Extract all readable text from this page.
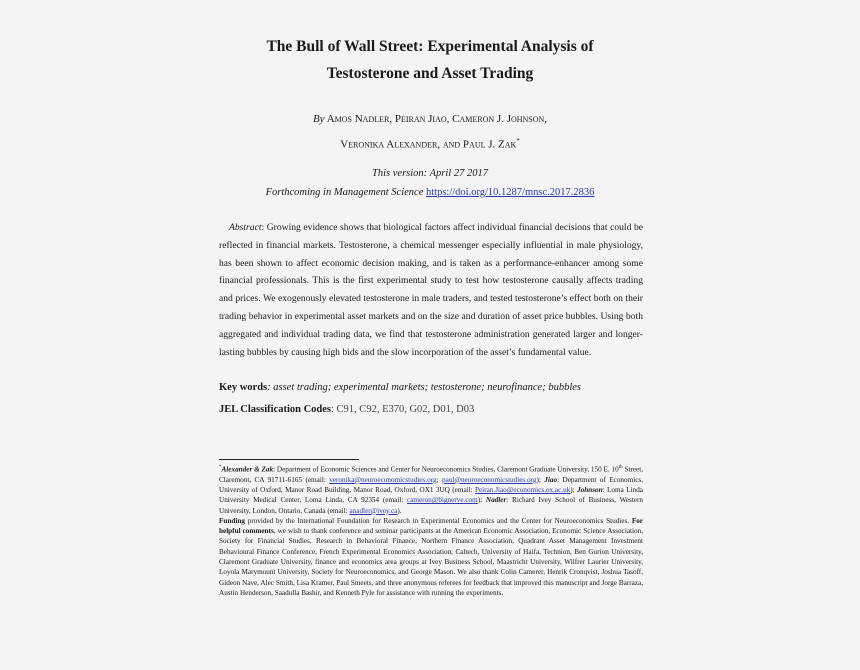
The Bull of Wall Street: Experimental Analysis of
Testosterone and Asset Trading
By Amos Nadler, Peiran Jiao, Cameron J. Johnson,
Veronika Alexander, and Paul J. Zak*
This version: April 27 2017
Forthcoming in Management Science https://doi.org/10.1287/mnsc.2017.2836
Abstract: Growing evidence shows that biological factors affect individual financial decisions that could be reflected in financial markets. Testosterone, a chemical messenger especially influential in male physiology, has been shown to affect economic decision making, and is taken as a performance-enhancer among some financial professionals. This is the first experimental study to test how testosterone causally affects trading and prices. We exogenously elevated testosterone in male traders, and tested testosterone’s effect both on their trading behavior in experimental asset markets and on the size and duration of asset price bubbles. Using both aggregated and individual trading data, we find that testosterone administration generated larger and longer-lasting bubbles by causing high bids and the slow incorporation of the asset’s fundamental value.
Key words: asset trading; experimental markets; testosterone; neurofinance; bubbles
JEL Classification Codes: C91, C92, E370, G02, D01, D03

*Alexander & Zak: Department of Economic Sciences and Center for Neuroeconomics Studies, Claremont Graduate University, 150 E. 10th Street, Claremont, CA 91711-6165 (email: veronika@neuroeconomicstudies.org; paul@neuroeconomicstudies.org); Jiao: Department of Economics, University of Oxford, Manor Road Building, Manor Road, Oxford, OX1 3UQ (email: Peiran.Jiao@economics.ox.ac.uk); Johnson: Loma Linda University Medical Center, Loma Linda, CA 92354 (email: cameron@bignerve.com); Nadler: Richard Ivey School of Business, Western University, London, Ontario, Canada (email: anadler@ivey.ca).

Funding provided by the International Foundation for Research in Experimental Economics and the Center for Neuroeconomics Studies. For helpful comments, we wish to thank conference and seminar participants at the American Economic Association, Economic Science Association, Society for Financial Studies, Research in Behavioral Finance, Northern Finance Association, Quadrant Asset Management Investment Behavioural Finance Conference, French Experimental Economics Association, Caltech, University of Haifa, Technion, Ben Gurion University, Claremont Graduate University, finance and economics area groups at Ivey Business School, Maastricht University, Wilfrer Laurier University, Loyola Marymount University, Society for Neuroeconomics, and George Mason. We also thank Colin Camerer, Henrik Cronqvist, Joshua Tasoff, Gideon Nave, Alec Smith, Lisa Kramer, Paul Smeets, and three anonymous referees for feedback that improved this manuscript and Jorge Barraza, Austin Henderson, Saadulla Bashir, and Kenneth Pyle for assistance with running the experiments.
